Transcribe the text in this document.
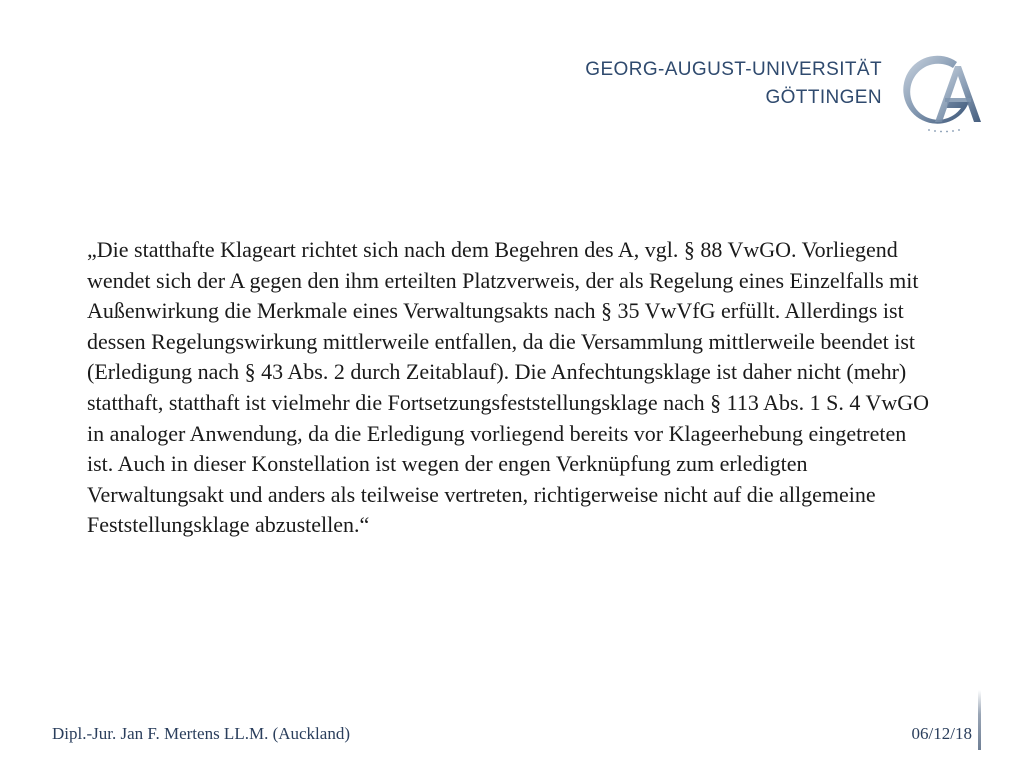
GEORG-AUGUST-UNIVERSITÄT
GÖTTINGEN

„Die statthafte Klageart richtet sich nach dem Begehren des A, vgl. § 88 VwGO. Vorliegend wendet sich der A gegen den ihm erteilten Platzverweis, der als Regelung eines Einzelfalls mit Außenwirkung die Merkmale eines Verwaltungsakts nach § 35 VwVfG erfüllt. Allerdings ist dessen Regelungswirkung mittlerweile entfallen, da die Versammlung mittlerweile beendet ist (Erledigung nach § 43 Abs. 2 durch Zeitablauf). Die Anfechtungsklage ist daher nicht (mehr) statthaft, statthaft ist vielmehr die Fortsetzungsfeststellungsklage nach § 113 Abs. 1 S. 4 VwGO in analoger Anwendung, da die Erledigung vorliegend bereits vor Klageerhebung eingetreten ist. Auch in dieser Konstellation ist wegen der engen Verknüpfung zum erledigten Verwaltungsakt und anders als teilweise vertreten, richtigerweise nicht auf die allgemeine Feststellungsklage abzustellen.“

Dipl.-Jur. Jan F. Mertens LL.M. (Auckland)	06/12/18
